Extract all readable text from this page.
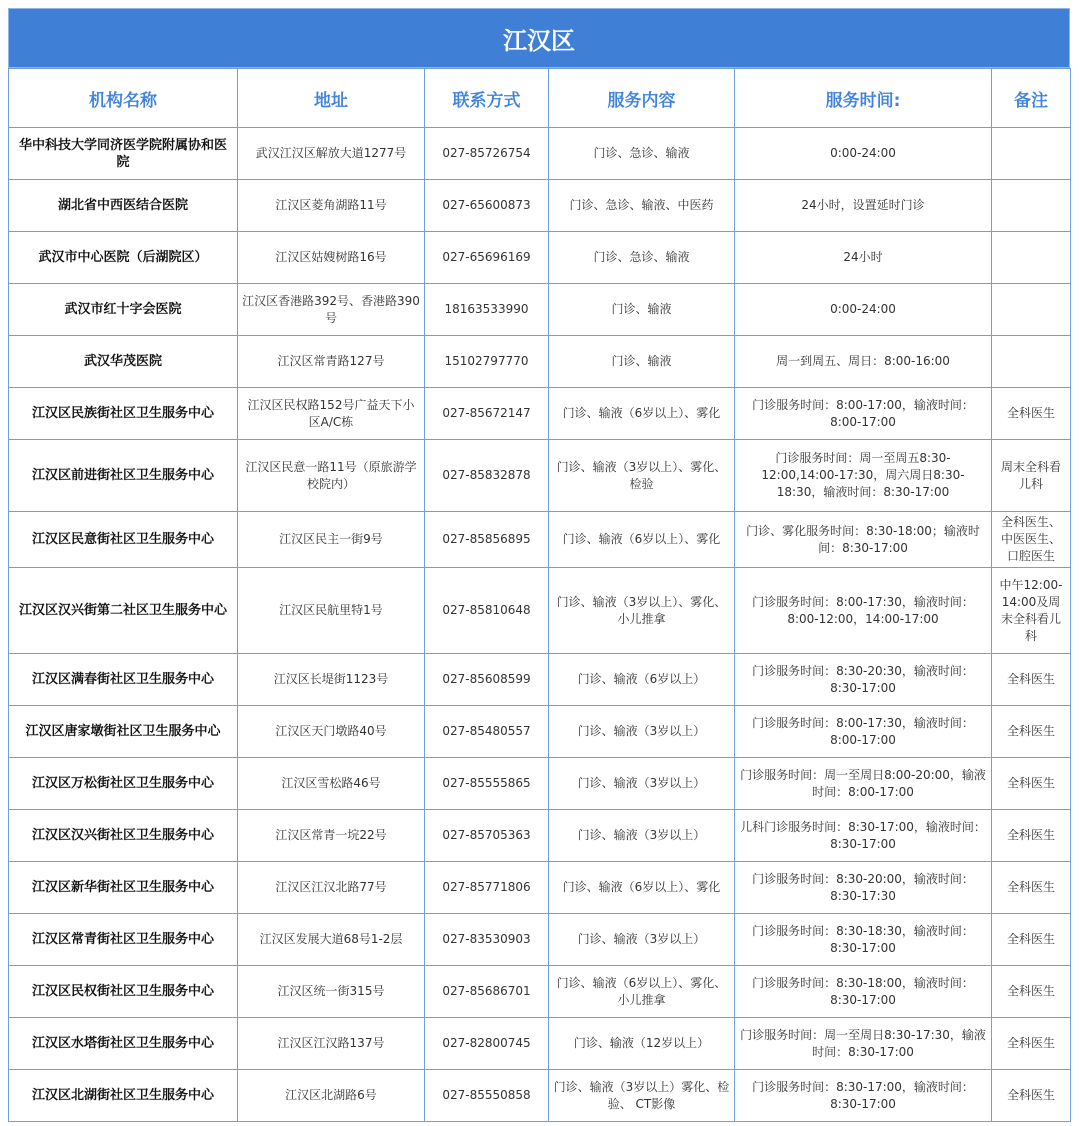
江汉区
机构名称	地址	联系方式	服务内容	服务时间:	备注
华中科技大学同济医学院附属协和医院	武汉江汉区解放大道1277号	027-85726754	门诊、急诊、输液	0:00-24:00	
湖北省中西医结合医院	江汉区菱角湖路11号	027-65600873	门诊、急诊、输液、中医药	24小时，设置延时门诊	
武汉市中心医院（后湖院区）	江汉区姑嫂树路16号	027-65696169	门诊、急诊、输液	24小时	
武汉市红十字会医院	江汉区香港路392号、香港路390号	18163533990	门诊、输液	0:00-24:00	
武汉华茂医院	江汉区常青路127号	15102797770	门诊、输液	周一到周五、周日：8:00-16:00	
江汉区民族街社区卫生服务中心	江汉区民权路152号广益天下小区A/C栋	027-85672147	门诊、输液（6岁以上）、雾化	门诊服务时间：8:00-17:00，输液时间：8:00-17:00	全科医生
江汉区前进街社区卫生服务中心	江汉区民意一路11号（原旅游学校院内）	027-85832878	门诊、输液（3岁以上）、雾化、检验	门诊服务时间：周一至周五8:30-12:00,14:00-17:30，周六周日8:30-18:30，输液时间：8:30-17:00	周末全科看儿科
江汉区民意街社区卫生服务中心	江汉区民主一街9号	027-85856895	门诊、输液（6岁以上）、雾化	门诊、雾化服务时间：8:30-18:00；输液时间：8:30-17:00	全科医生、中医医生、口腔医生
江汉区汉兴街第二社区卫生服务中心	江汉区民航里特1号	027-85810648	门诊、输液（3岁以上）、雾化、小儿推拿	门诊服务时间：8:00-17:30，输液时间：8:00-12:00，14:00-17:00	中午12:00-14:00及周末全科看儿科
江汉区满春街社区卫生服务中心	江汉区长堤街1123号	027-85608599	门诊、输液（6岁以上）	门诊服务时间：8:30-20:30，输液时间：8:30-17:00	全科医生
江汉区唐家墩街社区卫生服务中心	江汉区天门墩路40号	027-85480557	门诊、输液（3岁以上）	门诊服务时间：8:00-17:30，输液时间：8:00-17:00	全科医生
江汉区万松街社区卫生服务中心	江汉区雪松路46号	027-85555865	门诊、输液（3岁以上）	门诊服务时间：周一至周日8:00-20:00，输液时间：8:00-17:00	全科医生
江汉区汉兴街社区卫生服务中心	江汉区常青一垸22号	027-85705363	门诊、输液（3岁以上）	儿科门诊服务时间：8:30-17:00，输液时间：8:30-17:00	全科医生
江汉区新华街社区卫生服务中心	江汉区江汉北路77号	027-85771806	门诊、输液（6岁以上）、雾化	门诊服务时间：8:30-20:00，输液时间：8:30-17:30	全科医生
江汉区常青街社区卫生服务中心	江汉区发展大道68号1-2层	027-83530903	门诊、输液（3岁以上）	门诊服务时间：8:30-18:30，输液时间：8:30-17:00	全科医生
江汉区民权街社区卫生服务中心	江汉区统一街315号	027-85686701	门诊、输液（6岁以上）、雾化、小儿推拿	门诊服务时间：8:30-18:00，输液时间：8:30-17:00	全科医生
江汉区水塔街社区卫生服务中心	江汉区江汉路137号	027-82800745	门诊、输液（12岁以上）	门诊服务时间：周一至周日8:30-17:30，输液时间：8:30-17:00	全科医生
江汉区北湖街社区卫生服务中心	江汉区北湖路6号	027-85550858	门诊、输液（3岁以上）雾化、检验、 CT影像	门诊服务时间：8:30-17:00，输液时间：8:30-17:00	全科医生
